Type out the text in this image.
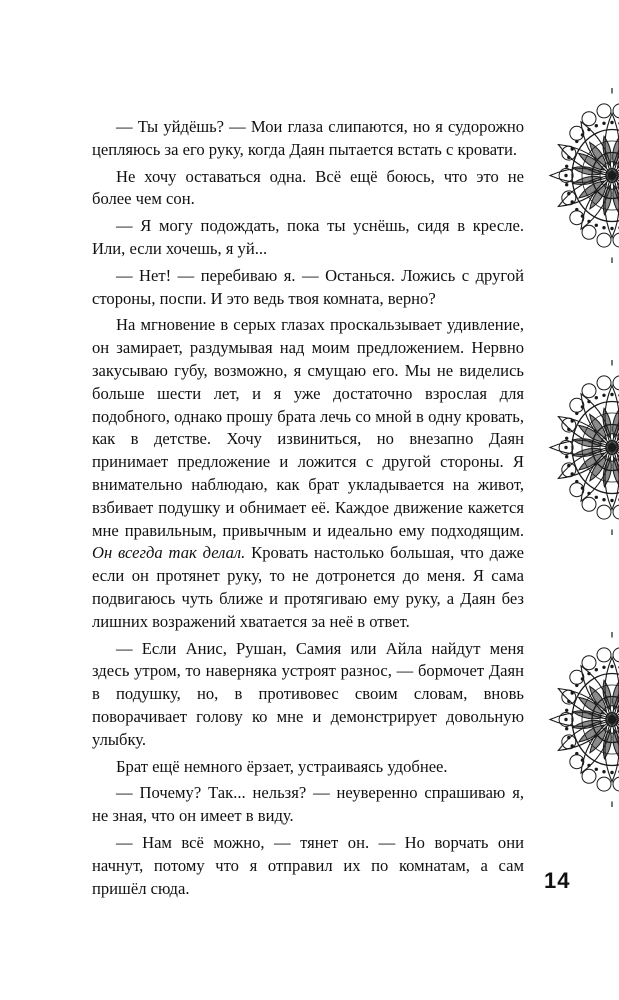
— Ты уйдёшь? — Мои глаза слипаются, но я судорожно цепляюсь за его руку, когда Даян пытается встать с кровати.

Не хочу оставаться одна. Всё ещё боюсь, что это не более чем сон.

— Я могу подождать, пока ты уснёшь, сидя в кресле. Или, если хочешь, я уй...

— Нет! — перебиваю я. — Останься. Ложись с другой стороны, поспи. И это ведь твоя комната, верно?

На мгновение в серых глазах проскальзывает удивление, он замирает, раздумывая над моим предложением. Нервно закусываю губу, возможно, я смущаю его. Мы не виделись больше шести лет, и я уже достаточно взрослая для подобного, однако прошу брата лечь со мной в одну кровать, как в детстве. Хочу извиниться, но внезапно Даян принимает предложение и ложится с другой стороны. Я внимательно наблюдаю, как брат укладывается на живот, взбивает подушку и обнимает её. Каждое движение кажется мне правильным, привычным и идеально ему подходящим. Он всегда так делал. Кровать настолько большая, что даже если он протянет руку, то не дотронется до меня. Я сама подвигаюсь чуть ближе и протягиваю ему руку, а Даян без лишних возражений хватается за неё в ответ.

— Если Анис, Рушан, Самия или Айла найдут меня здесь утром, то наверняка устроят разнос, — бормочет Даян в подушку, но, в противовес своим словам, вновь поворачивает голову ко мне и демонстрирует довольную улыбку.

Брат ещё немного ёрзает, устраиваясь удобнее.

— Почему? Так... нельзя? — неуверенно спрашиваю я, не зная, что он имеет в виду.

— Нам всё можно, — тянет он. — Но ворчать они начнут, потому что я отправил их по комнатам, а сам пришёл сюда.	14
